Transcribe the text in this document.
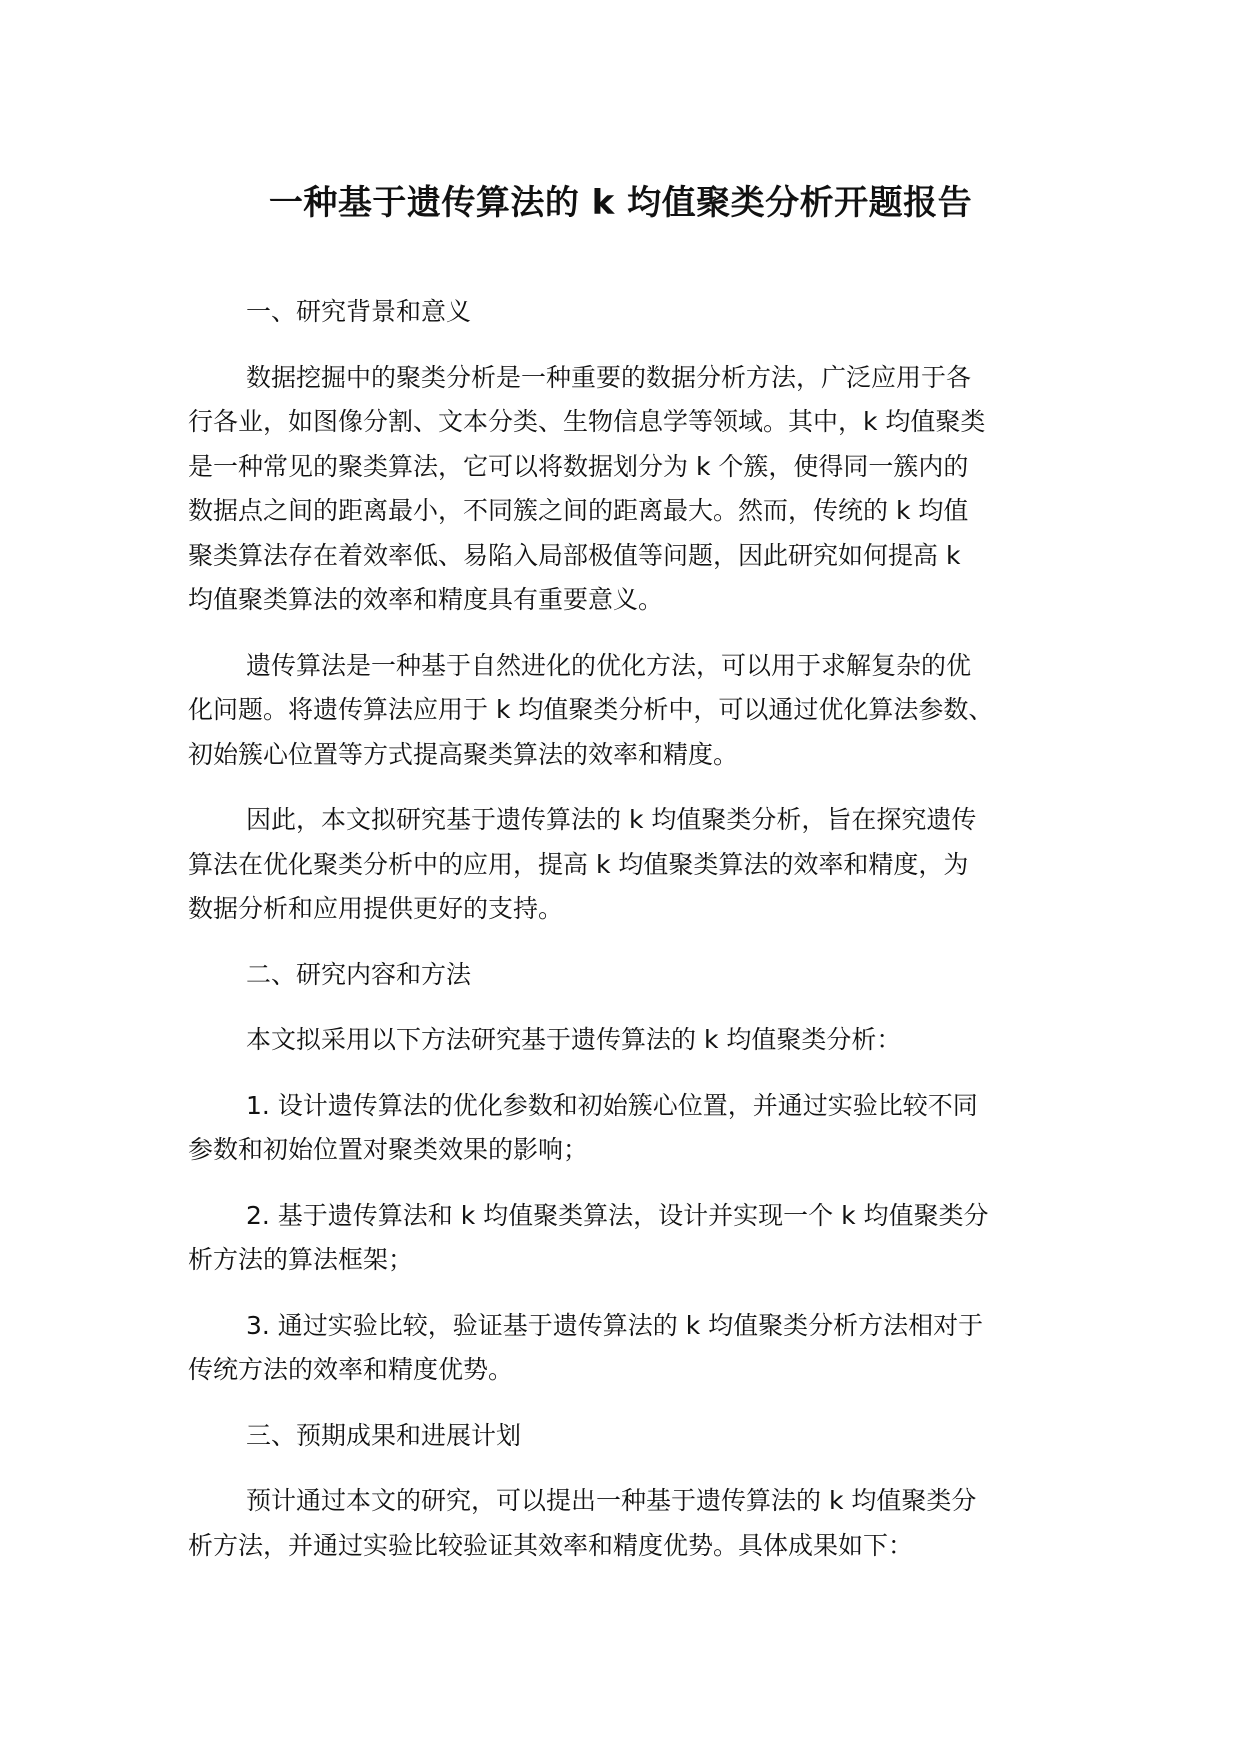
一种基于遗传算法的 k 均值聚类分析开题报告
一、研究背景和意义
数据挖掘中的聚类分析是一种重要的数据分析方法，广泛应用于各
行各业，如图像分割、文本分类、生物信息学等领域。其中，k 均值聚类
是一种常见的聚类算法，它可以将数据划分为 k 个簇，使得同一簇内的
数据点之间的距离最小，不同簇之间的距离最大。然而，传统的 k 均值
聚类算法存在着效率低、易陷入局部极值等问题，因此研究如何提高 k
均值聚类算法的效率和精度具有重要意义。
遗传算法是一种基于自然进化的优化方法，可以用于求解复杂的优
化问题。将遗传算法应用于 k 均值聚类分析中，可以通过优化算法参数、
初始簇心位置等方式提高聚类算法的效率和精度。
因此，本文拟研究基于遗传算法的 k 均值聚类分析，旨在探究遗传
算法在优化聚类分析中的应用，提高 k 均值聚类算法的效率和精度，为
数据分析和应用提供更好的支持。
二、研究内容和方法
本文拟采用以下方法研究基于遗传算法的 k 均值聚类分析：
1. 设计遗传算法的优化参数和初始簇心位置，并通过实验比较不同
参数和初始位置对聚类效果的影响；
2. 基于遗传算法和 k 均值聚类算法，设计并实现一个 k 均值聚类分
析方法的算法框架；
3. 通过实验比较，验证基于遗传算法的 k 均值聚类分析方法相对于
传统方法的效率和精度优势。
三、预期成果和进展计划
预计通过本文的研究，可以提出一种基于遗传算法的 k 均值聚类分
析方法，并通过实验比较验证其效率和精度优势。具体成果如下：
